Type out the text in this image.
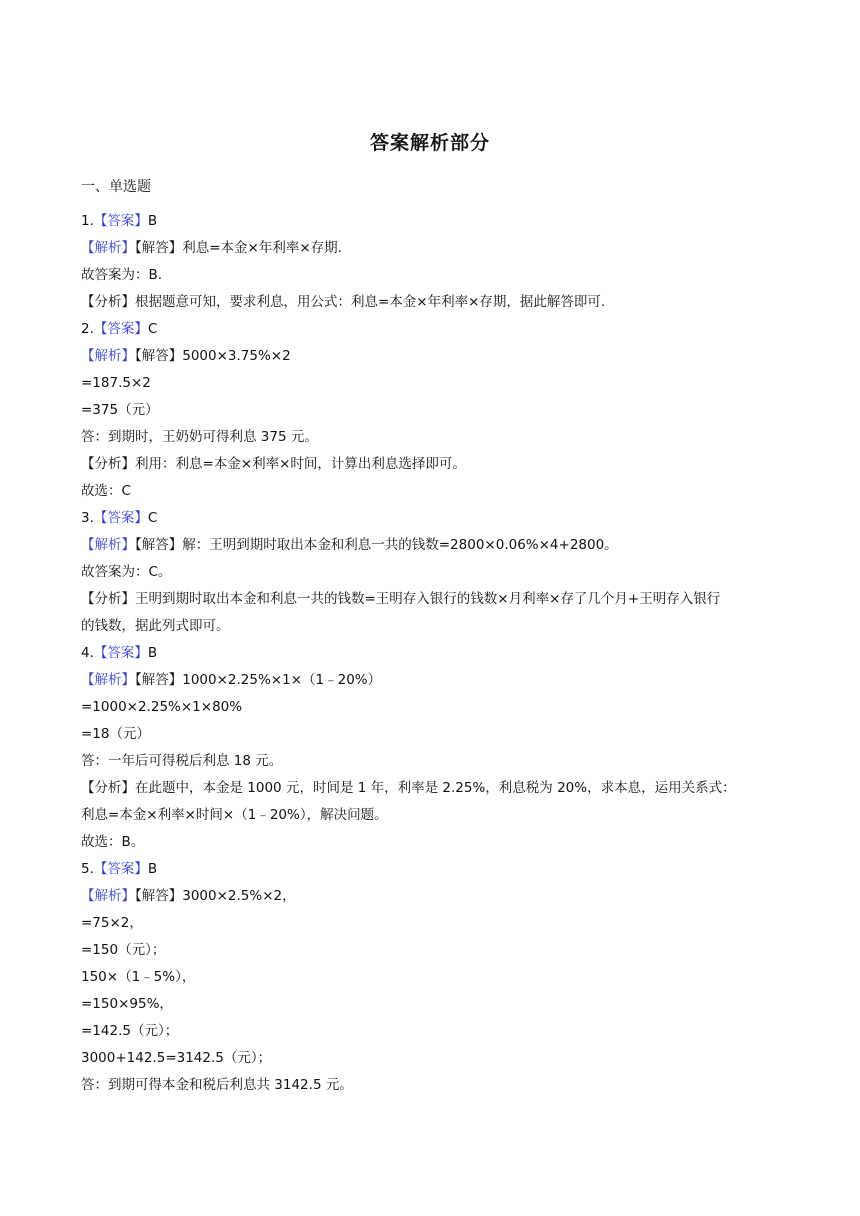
答案解析部分
一、单选题
1.【答案】B
【解析】【解答】利息=本金×年利率×存期.
故答案为：B.
【分析】根据题意可知，要求利息，用公式：利息=本金×年利率×存期，据此解答即可.
2.【答案】C
【解析】【解答】5000×3.75%×2
=187.5×2
=375（元）
答：到期时，王奶奶可得利息 375 元。
【分析】利用：利息=本金×利率×时间，计算出利息选择即可。
故选：C
3.【答案】C
【解析】【解答】解：王明到期时取出本金和利息一共的钱数=2800×0.06%×4+2800。
故答案为：C。
【分析】王明到期时取出本金和利息一共的钱数=王明存入银行的钱数×月利率×存了几个月+王明存入银行
的钱数，据此列式即可。
4.【答案】B
【解析】【解答】1000×2.25%×1×（1﹣20%）
=1000×2.25%×1×80%
=18（元）
答：一年后可得税后利息 18 元。
【分析】在此题中，本金是 1000 元，时间是 1 年，利率是 2.25%，利息税为 20%，求本息，运用关系式：
利息=本金×利率×时间×（1﹣20%），解决问题。
故选：B。
5.【答案】B
【解析】【解答】3000×2.5%×2，
=75×2，
=150（元）；
150×（1﹣5%），
=150×95%，
=142.5（元）；
3000+142.5=3142.5（元）；
答：到期可得本金和税后利息共 3142.5 元。
